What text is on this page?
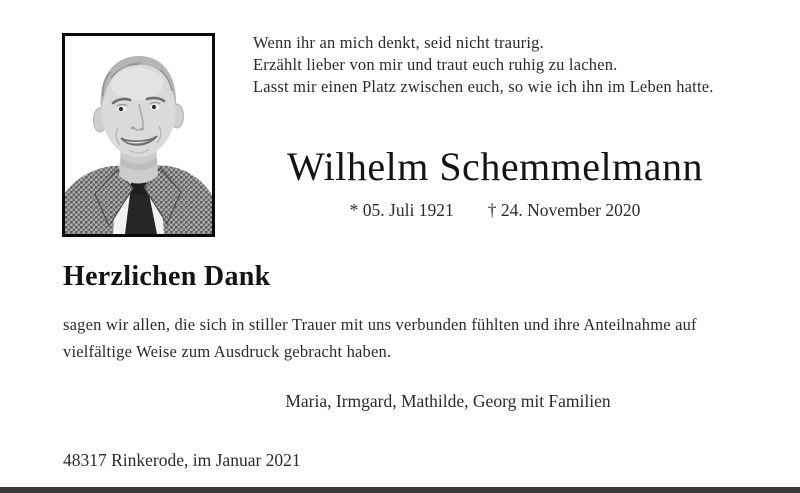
Wenn ihr an mich denkt, seid nicht traurig.
Erzählt lieber von mir und traut euch ruhig zu lachen.
Lasst mir einen Platz zwischen euch, so wie ich ihn im Leben hatte.
Wilhelm Schemmelmann
* 05. Juli 1921 † 24. November 2020
Herzlichen Dank
sagen wir allen, die sich in stiller Trauer mit uns verbunden fühlten und ihre Anteilnahme auf
vielfältige Weise zum Ausdruck gebracht haben.
Maria, Irmgard, Mathilde, Georg mit Familien
48317 Rinkerode, im Januar 2021
